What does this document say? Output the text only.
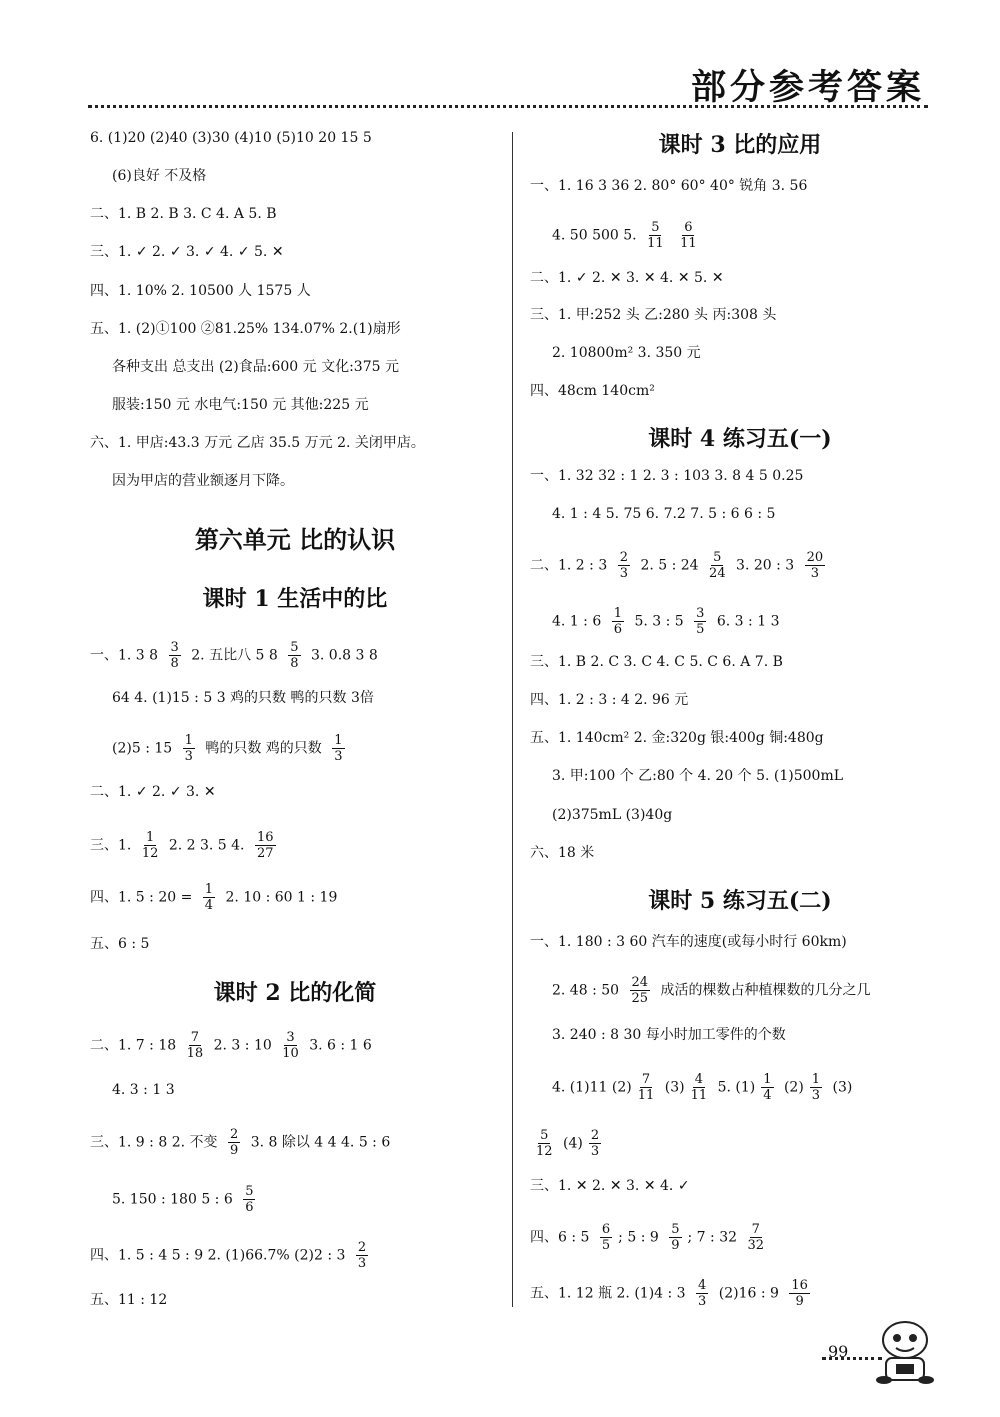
部分参考答案
6. (1)20 (2)40 (3)30 (4)10 (5)10 20 15 5
(6)良好 不及格
二、1. B 2. B 3. C 4. A 5. B
三、1. ✓ 2. ✓ 3. ✓ 4. ✓ 5. ✕
四、1. 10% 2. 10500 人 1575 人
五、1. (2)①100 ②81.25% 134.07% 2.(1)扇形
各种支出 总支出 (2)食品:600 元 文化:375 元
服装:150 元 水电气:150 元 其他:225 元
六、1. 甲店:43.3 万元 乙店 35.5 万元 2. 关闭甲店。
因为甲店的营业额逐月下降。
第六单元 比的认识
课时 1 生活中的比
一、1. 3 $8 \frac{3}{8} 2$. 五比八 5 $8 \frac{5}{8} 3$. 0.8 3 8
64 4. (1)15 : 5 3 鸡的只数 鸭的只数 3倍
(2)5 : $15 \frac{1}{3}$ 鸭的只数 鸡的只数 $\frac{1}{3}$
二、1. ✓ 2. ✓ 3. ✕
三、1. $\frac{1}{12} 2$. 2 3. 5 4. $\frac{16}{27}$
四、1. 5 : $20 = \frac{1}{4} 2$. 10 : 60 1 : 19
五、6 : 5
课时 2 比的化简
二、1. 7 : $18 \frac{7}{18} 2$. 3 : $10 \frac{3}{10} 3$. 6 : 1 6
4. 3 : 1 3
三、1. 9 : 8 2. 不变 $\frac{2}{9} 3$. 8 除以 4 4 4. 5 : 6
5. 150 : 180 5 : $6 \frac{5}{6}$
四、1. 5 : 4 5 : 9 2. (1)66.7% (2)2 : $3 \frac{2}{3}$
五、11 : 12
课时 3 比的应用
一、1. 16 3 36 2. 80° 60° 40° 锐角 3. 56
4. 50 500 5. $\frac{5}{11}$
$\frac{6}{11}$
二、1. ✓ 2. ✕ 3. ✕ 4. ✕ 5. ✕
三、1. 甲:252 头 乙:280 头 丙:308 头
2. 10800m² 3. 350 元
四、48cm 140cm²
课时 4 练习五(一)
一、1. 32 32 : 1 2. 3 : 103 3. 8 4 5 0.25
4. 1 : 4 5. 75 6. 7.2 7. 5 : 6 6 : 5
二、1. 2 : $3 \frac{2}{3} 2$. 5 : $24 \frac{5}{24} 3$. 20 : $3 \frac{20}{3}$
4. 1 : $6 \frac{1}{6} 5$. 3 : $5 \frac{3}{5} 6$. 3 : 1 3
三、1. B 2. C 3. C 4. C 5. C 6. A 7. B
四、1. 2 : 3 : 4 2. 96 元
五、1. 140cm² 2. 金:320g 银:400g 铜:480g
3. 甲:100 个 乙:80 个 4. 20 个 5. (1)500mL
(2)375mL (3)40g
六、18 米
课时 5 练习五(二)
一、1. 180 : 3 60 汽车的速度(或每小时行 60km)
2. 48 : $50 \frac{24}{25}$ 成活的棵数占种植棵数的几分之几
3. 240 : 8 30 每小时加工零件的个数
4. (1)11 $(2) \frac{7}{11} (3) \frac{4}{11} 5$. $(1) \frac{1}{4} (2) \frac{1}{3} (3)$
$\frac{5}{12} (4) \frac{2}{3}$
三、1. ✕ 2. ✕ 3. ✕ 4. ✓
四、6 : $5 \frac{6}{5}$ ; 5 : $9 \frac{5}{9}$ ; 7 : $32 \frac{7}{32}$
五、1. 12 瓶 2. (1)4 : $3 \frac{4}{3} (2)16$ : $9 \frac{16}{9}$
99
